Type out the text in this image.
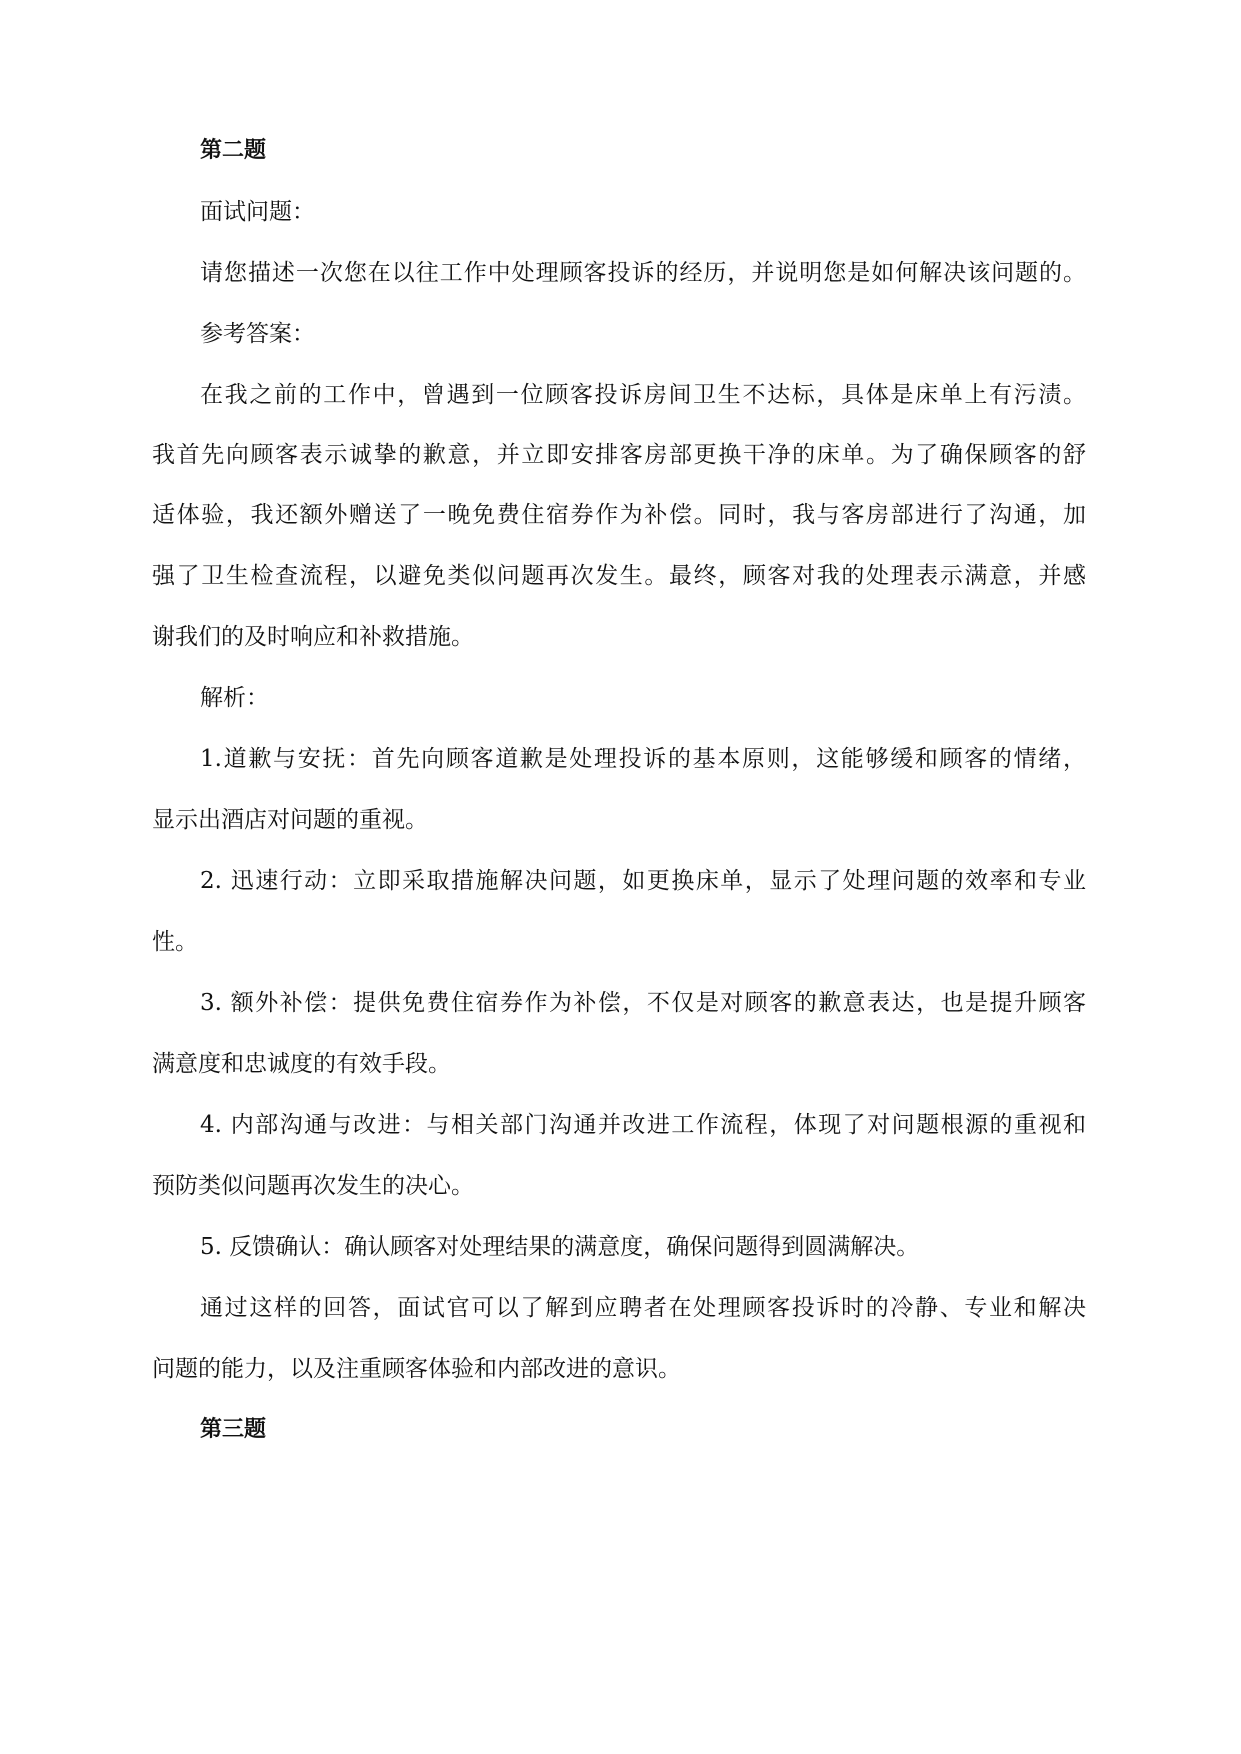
第二题

面试问题：

请您描述一次您在以往工作中处理顾客投诉的经历，并说明您是如何解决该问题的。

参考答案：

在我之前的工作中，曾遇到一位顾客投诉房间卫生不达标，具体是床单上有污渍。

我首先向顾客表示诚挚的歉意，并立即安排客房部更换干净的床单。为了确保顾客的舒

适体验，我还额外赠送了一晚免费住宿券作为补偿。同时，我与客房部进行了沟通，加

强了卫生检查流程，以避免类似问题再次发生。最终，顾客对我的处理表示满意，并感

谢我们的及时响应和补救措施。

解析：

1.道歉与安抚：首先向顾客道歉是处理投诉的基本原则，这能够缓和顾客的情绪，

显示出酒店对问题的重视。

2. 迅速行动：立即采取措施解决问题，如更换床单，显示了处理问题的效率和专业

性。

3. 额外补偿：提供免费住宿券作为补偿，不仅是对顾客的歉意表达，也是提升顾客

满意度和忠诚度的有效手段。

4. 内部沟通与改进：与相关部门沟通并改进工作流程，体现了对问题根源的重视和

预防类似问题再次发生的决心。

5. 反馈确认：确认顾客对处理结果的满意度，确保问题得到圆满解决。

通过这样的回答，面试官可以了解到应聘者在处理顾客投诉时的冷静、专业和解决

问题的能力，以及注重顾客体验和内部改进的意识。

第三题
